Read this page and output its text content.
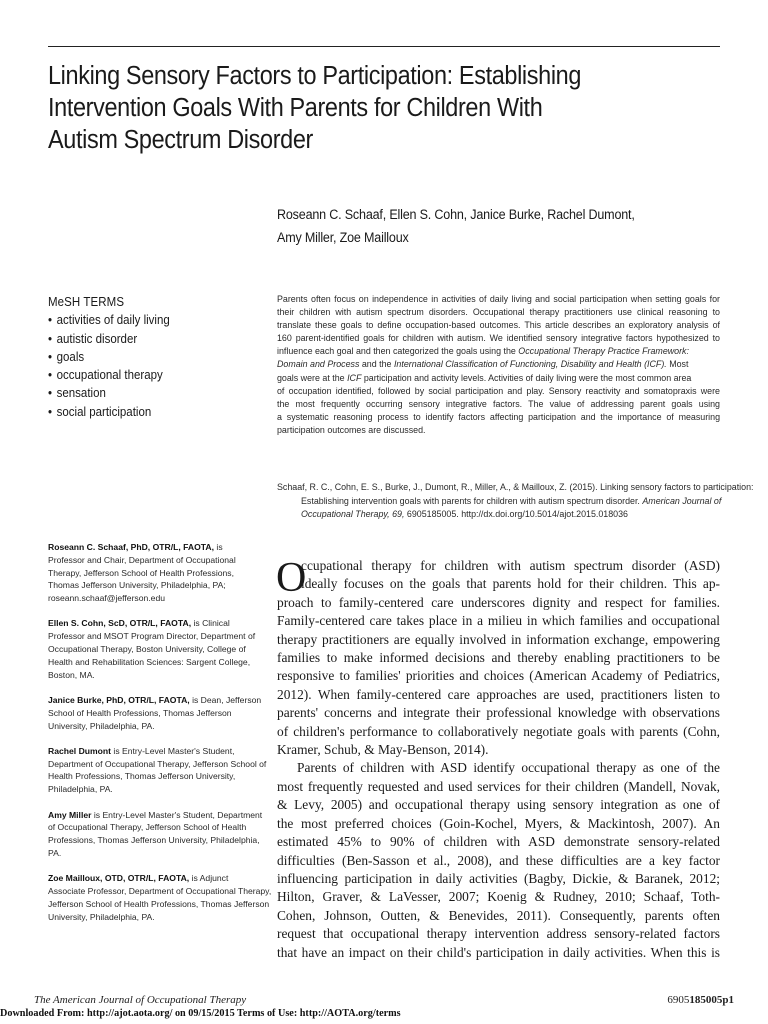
Linking Sensory Factors to Participation: Establishing
Intervention Goals With Parents for Children With
Autism Spectrum Disorder
Roseann C. Schaaf, Ellen S. Cohn, Janice Burke, Rachel Dumont,
Amy Miller, Zoe Mailloux
MeSH TERMS
• activities of daily living
• autistic disorder
• goals
• occupational therapy
• sensation
• social participation
Parents often focus on independence in activities of daily living and social participation when setting goals for
their children with autism spectrum disorders. Occupational therapy practitioners use clinical reasoning to
translate these goals to define occupation-based outcomes. This article describes an exploratory analysis of
160 parent-identified goals for children with autism. We identified sensory integrative factors hypothesized to
influence each goal and then categorized the goals using the Occupational Therapy Practice Framework:
Domain and Process and the International Classification of Functioning, Disability and Health (ICF). Most
goals were at the ICF participation and activity levels. Activities of daily living were the most common area
of occupation identified, followed by social participation and play. Sensory reactivity and somatopraxis were
the most frequently occurring sensory integrative factors. The value of addressing parent goals using
a systematic reasoning process to identify factors affecting participation and the importance of measuring
participation outcomes are discussed.
Schaaf, R. C., Cohn, E. S., Burke, J., Dumont, R., Miller, A., & Mailloux, Z. (2015). Linking sensory factors to participation:
Establishing intervention goals with parents for children with autism spectrum disorder. American Journal of
Occupational Therapy, 69, 6905185005. http://dx.doi.org/10.5014/ajot.2015.018036
Roseann C. Schaaf, PhD, OTR/L, FAOTA, is
Professor and Chair, Department of Occupational
Therapy, Jefferson School of Health Professions,
Thomas Jefferson University, Philadelphia, PA;
roseann.schaaf@jefferson.edu
Ellen S. Cohn, ScD, OTR/L, FAOTA, is Clinical
Professor and MSOT Program Director, Department of
Occupational Therapy, Boston University, College of
Health and Rehabilitation Sciences: Sargent College,
Boston, MA.
Janice Burke, PhD, OTR/L, FAOTA, is Dean, Jefferson
School of Health Professions, Thomas Jefferson
University, Philadelphia, PA.
Rachel Dumont is Entry-Level Master's Student,
Department of Occupational Therapy, Jefferson School of
Health Professions, Thomas Jefferson University,
Philadelphia, PA.
Amy Miller is Entry-Level Master's Student, Department
of Occupational Therapy, Jefferson School of Health
Professions, Thomas Jefferson University, Philadelphia,
PA.
Zoe Mailloux, OTD, OTR/L, FAOTA, is Adjunct
Associate Professor, Department of Occupational Therapy,
Jefferson School of Health Professions, Thomas Jefferson
University, Philadelphia, PA.
O
ccupational therapy for children with autism spectrum disorder (ASD)
ideally focuses on the goals that parents hold for their children. This ap-
proach to family-centered care underscores dignity and respect for families.
Family-centered care takes place in a milieu in which families and occupational
therapy practitioners are equally involved in information exchange, empowering
families to make informed decisions and thereby enabling practitioners to be
responsive to families' priorities and choices (American Academy of Pediatrics,
2012). When family-centered care approaches are used, practitioners listen to
parents' concerns and integrate their professional knowledge with observations
of children's performance to collaboratively negotiate goals with parents (Cohn,
Kramer, Schub, & May-Benson, 2014).
Parents of children with ASD identify occupational therapy as one of the
most frequently requested and used services for their children (Mandell, Novak,
& Levy, 2005) and occupational therapy using sensory integration as one of
the most preferred choices (Goin-Kochel, Myers, & Mackintosh, 2007). An
estimated 45% to 90% of children with ASD demonstrate sensory-related
difficulties (Ben-Sasson et al., 2008), and these difficulties are a key factor
influencing participation in daily activities (Bagby, Dickie, & Baranek, 2012;
Hilton, Graver, & LaVesser, 2007; Koenig & Rudney, 2010; Schaaf, Toth-
Cohen, Johnson, Outten, & Benevides, 2011). Consequently, parents often
request that occupational therapy intervention address sensory-related factors
that have an impact on their child's participation in daily activities. When this is
The American Journal of Occupational Therapy	6905185005p1
Downloaded From: http://ajot.aota.org/ on 09/15/2015 Terms of Use: http://AOTA.org/terms
